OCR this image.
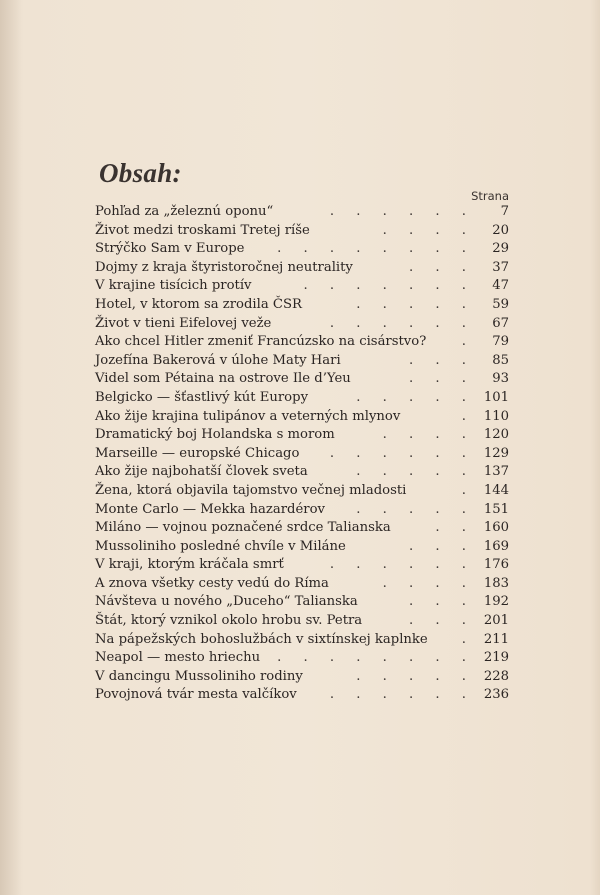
Obsah:
Strana
Pohľad za „železnú oponu“	. . . . . .	7
Život medzi troskami Tretej ríše	. . . .	20
Strýčko Sam v Europe	. . . . . . . .	29
Dojmy z kraja štyristoročnej neutrality	. . .	37
V krajine tisícich protív	. . . . . . .	47
Hotel, v ktorom sa zrodila ČSR	. . . . .	59
Život v tieni Eifelovej veže	. . . . . .	67
Ako chcel Hitler zmeniť Francúzsko na cisárstvo?	.	79
Jozefína Bakerová v úlohe Maty Hari	. . .	85
Videl som Pétaina na ostrove Ile d’Yeu	. . .	93
Belgicko — šťastlivý kút Europy	. . . . . 101
Ako žije krajina tulipánov a veterných mlynov	. 110
Dramatický boj Holandska s morom	. . . . 120
Marseille — europské Chicago	. . . . . . 129
Ako žije najbohatší človek sveta	. . . . . 137
Žena, ktorá objavila tajomstvo večnej mladosti	. 144
Monte Carlo — Mekka hazardérov	. . . . . 151
Miláno — vojnou poznačené srdce Talianska	. . 160
Mussoliniho posledné chvíle v Miláne	. . . 169
V kraji, ktorým kráčala smrť	. . . . . . 176
A znova všetky cesty vedú do Ríma	. . . . 183
Návšteva u nového „Duceho“ Talianska	. . . 192
Štát, ktorý vznikol okolo hrobu sv. Petra	. . . 201
Na pápežských bohoslužbách v sixtínskej kaplnke	. 211
Neapol — mesto hriechu	. . . . . . . . 219
V dancingu Mussoliniho rodiny	. . . . . 228
Povojnová tvár mesta valčíkov	. . . . . . 236
